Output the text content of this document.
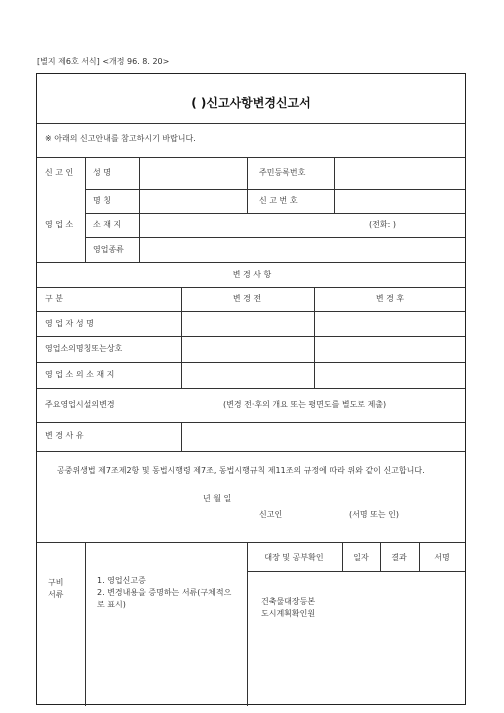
[별지 제6호 서식] <개정 96. 8. 20>
( )신고사항변경신고서
※ 아래의 신고안내를 참고하시기 바랍니다.
신 고 인 성 명	주민등록번호
영 업 소
명 칭	신 고 번 호
소 재 지	(전화: )
영업종류
변 경 사 항
구 분	변 경 전	변 경 후
영 업 자 성 명
영업소의명칭또는상호
영 업 소 의 소 재 지
주요영업시설의변경	(변경 전·후의 개요 또는 평면도를 별도로 제출)
변 경 사 유
공중위생법 제7조제2항 및 동법시행령 제7조, 동법시행규칙 제11조의 규정에 따라 위와 같이 신고합니다.
년 월 일
신고인	(서명 또는 인)
구비
서류
1. 영업신고증
2. 변경내용을 증명하는 서류(구체적으
로 표시)
대장 및 공부확인	일자	결과	서명
건축물대장등본
도시계획확인원
